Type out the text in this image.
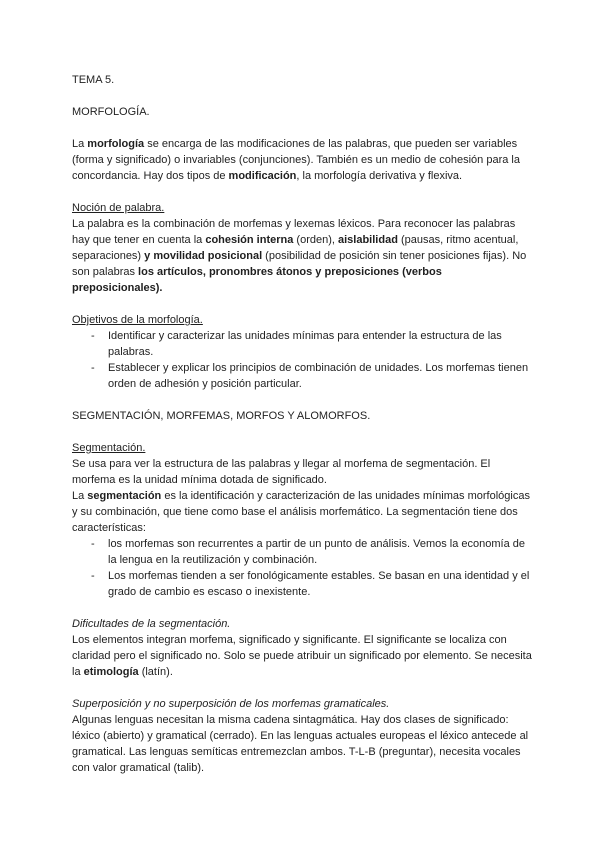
TEMA 5.

MORFOLOGÍA.

La morfología se encarga de las modificaciones de las palabras, que pueden ser variables (forma y significado) o invariables (conjunciones). También es un medio de cohesión para la concordancia. Hay dos tipos de modificación, la morfología derivativa y flexiva.

Noción de palabra.

La palabra es la combinación de morfemas y lexemas léxicos. Para reconocer las palabras hay que tener en cuenta la cohesión interna (orden), aislabilidad (pausas, ritmo acentual, separaciones) y movilidad posicional (posibilidad de posición sin tener posiciones fijas). No son palabras los artículos, pronombres átonos y preposiciones (verbos preposicionales).

Objetivos de la morfología.

- Identificar y caracterizar las unidades mínimas para entender la estructura de las palabras.
- Establecer y explicar los principios de combinación de unidades. Los morfemas tienen orden de adhesión y posición particular.

SEGMENTACIÓN, MORFEMAS, MORFOS Y ALOMORFOS.

Segmentación.

Se usa para ver la estructura de las palabras y llegar al morfema de segmentación. El morfema es la unidad mínima dotada de significado.

La segmentación es la identificación y caracterización de las unidades mínimas morfológicas y su combinación, que tiene como base el análisis morfemático. La segmentación tiene dos características:

- los morfemas son recurrentes a partir de un punto de análisis. Vemos la economía de la lengua en la reutilización y combinación.
- Los morfemas tienden a ser fonológicamente estables. Se basan en una identidad y el grado de cambio es escaso o inexistente.

Dificultades de la segmentación.

Los elementos integran morfema, significado y significante. El significante se localiza con claridad pero el significado no. Solo se puede atribuir un significado por elemento. Se necesita la etimología (latín).

Superposición y no superposición de los morfemas gramaticales.

Algunas lenguas necesitan la misma cadena sintagmática. Hay dos clases de significado: léxico (abierto) y gramatical (cerrado). En las lenguas actuales europeas el léxico antecede al gramatical. Las lenguas semíticas entremezclan ambos. T-L-B (preguntar), necesita vocales con valor gramatical (talib).
